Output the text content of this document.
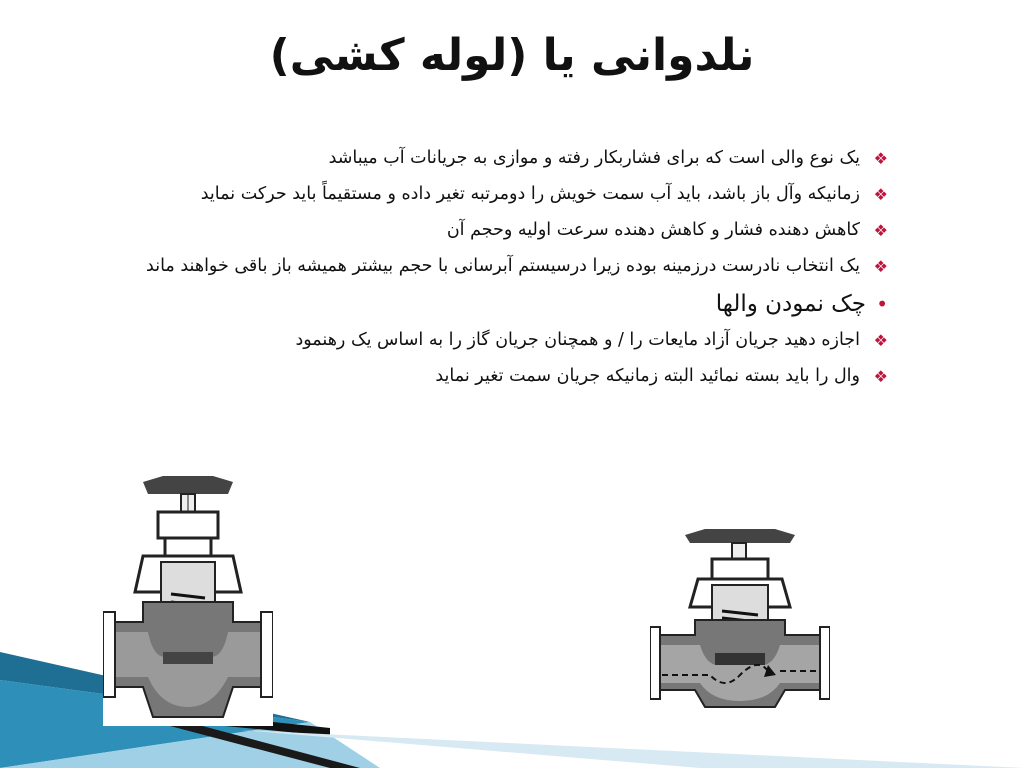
نلدوانی یا (لوله کشی)
❖
یک نوع والی است که برای فشاربکار رفته و موازی به جریانات آب میباشد
❖
زمانیکه وآل باز باشد، باید آب سمت خویش را دومرتبه تغیر داده و مستقیماً باید حرکت نماید
❖
کاهش دهنده فشار و کاهش دهنده سرعت اولیه وحجم آن
❖
یک انتخاب نادرست درزمینه بوده زیرا درسیستم آبرسانی با حجم بیشتر همیشه باز باقی خواهند ماند
•
چک نمودن والها
❖
اجازه دهید جریان آزاد مایعات را / و همچنان جریان گاز را به اساس یک رهنمود
❖
وال را باید بسته نمائید البته زمانیکه جریان سمت تغیر نماید
